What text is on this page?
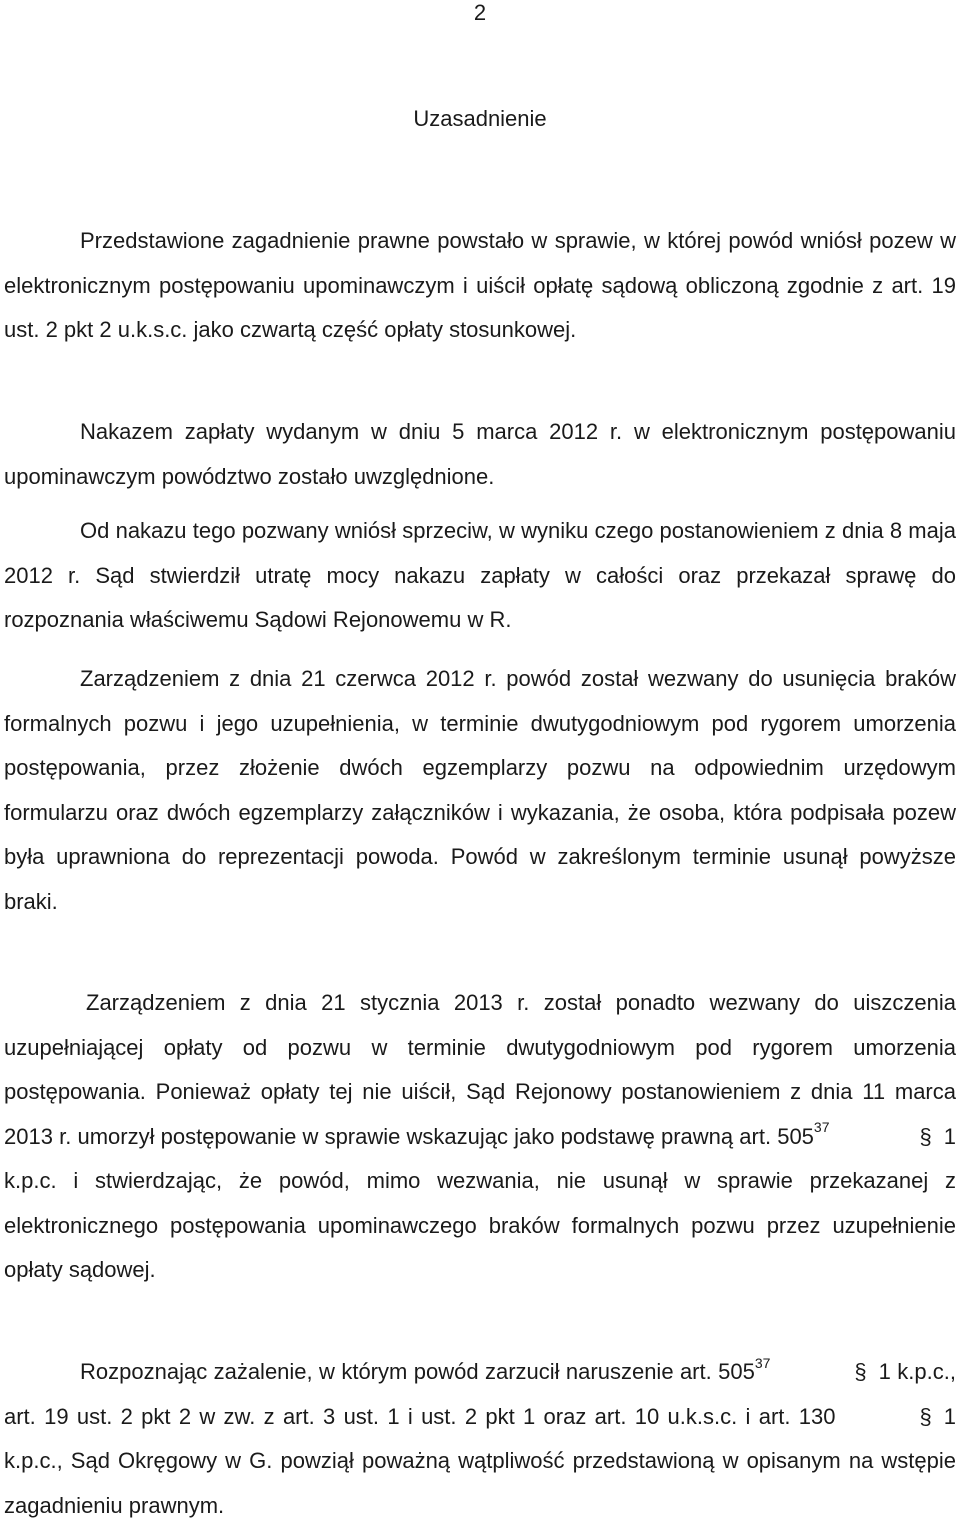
2
Uzasadnienie

Przedstawione zagadnienie prawne powstało w sprawie, w której powód wniósł pozew w elektronicznym postępowaniu upominawczym i uiścił opłatę sądową obliczoną zgodnie z art. 19 ust. 2 pkt 2 u.k.s.c. jako czwartą część opłaty stosunkowej.

Nakazem zapłaty wydanym w dniu 5 marca 2012 r. w elektronicznym postępowaniu upominawczym powództwo zostało uwzględnione.

Od nakazu tego pozwany wniósł sprzeciw, w wyniku czego postanowieniem z dnia 8 maja 2012 r. Sąd stwierdził utratę mocy nakazu zapłaty w całości oraz przekazał sprawę do rozpoznania właściwemu Sądowi Rejonowemu w R.

Zarządzeniem z dnia 21 czerwca 2012 r. powód został wezwany do usunięcia braków formalnych pozwu i jego uzupełnienia, w terminie dwutygodniowym pod rygorem umorzenia postępowania, przez złożenie dwóch egzemplarzy pozwu na odpowiednim urzędowym formularzu oraz dwóch egzemplarzy załączników i wykazania, że osoba, która podpisała pozew była uprawniona do reprezentacji powoda. Powód w zakreślonym terminie usunął powyższe braki.

Zarządzeniem z dnia 21 stycznia 2013 r. został ponadto wezwany do uiszczenia uzupełniającej opłaty od pozwu w terminie dwutygodniowym pod rygorem umorzenia postępowania. Ponieważ opłaty tej nie uiścił, Sąd Rejonowy postanowieniem z dnia 11 marca 2013 r. umorzył postępowanie w sprawie wskazując jako podstawę prawną art. $505^{37}$	§ 1 k.p.c. i stwierdzając, że powód, mimo wezwania, nie usunął w sprawie przekazanej z elektronicznego postępowania upominawczego braków formalnych pozwu przez uzupełnienie opłaty sądowej.

Rozpoznając zażalenie, w którym powód zarzucił naruszenie art. $505^{37}$	§ 1 k.p.c., art. 19 ust. 2 pkt 2 w zw. z art. 3 ust. 1 i ust. 2 pkt 1 oraz art. 10 u.k.s.c. i art. 130	§ 1 k.p.c., Sąd Okręgowy w G. powziął poważną wątpliwość przedstawioną w opisanym na wstępie zagadnieniu prawnym.
